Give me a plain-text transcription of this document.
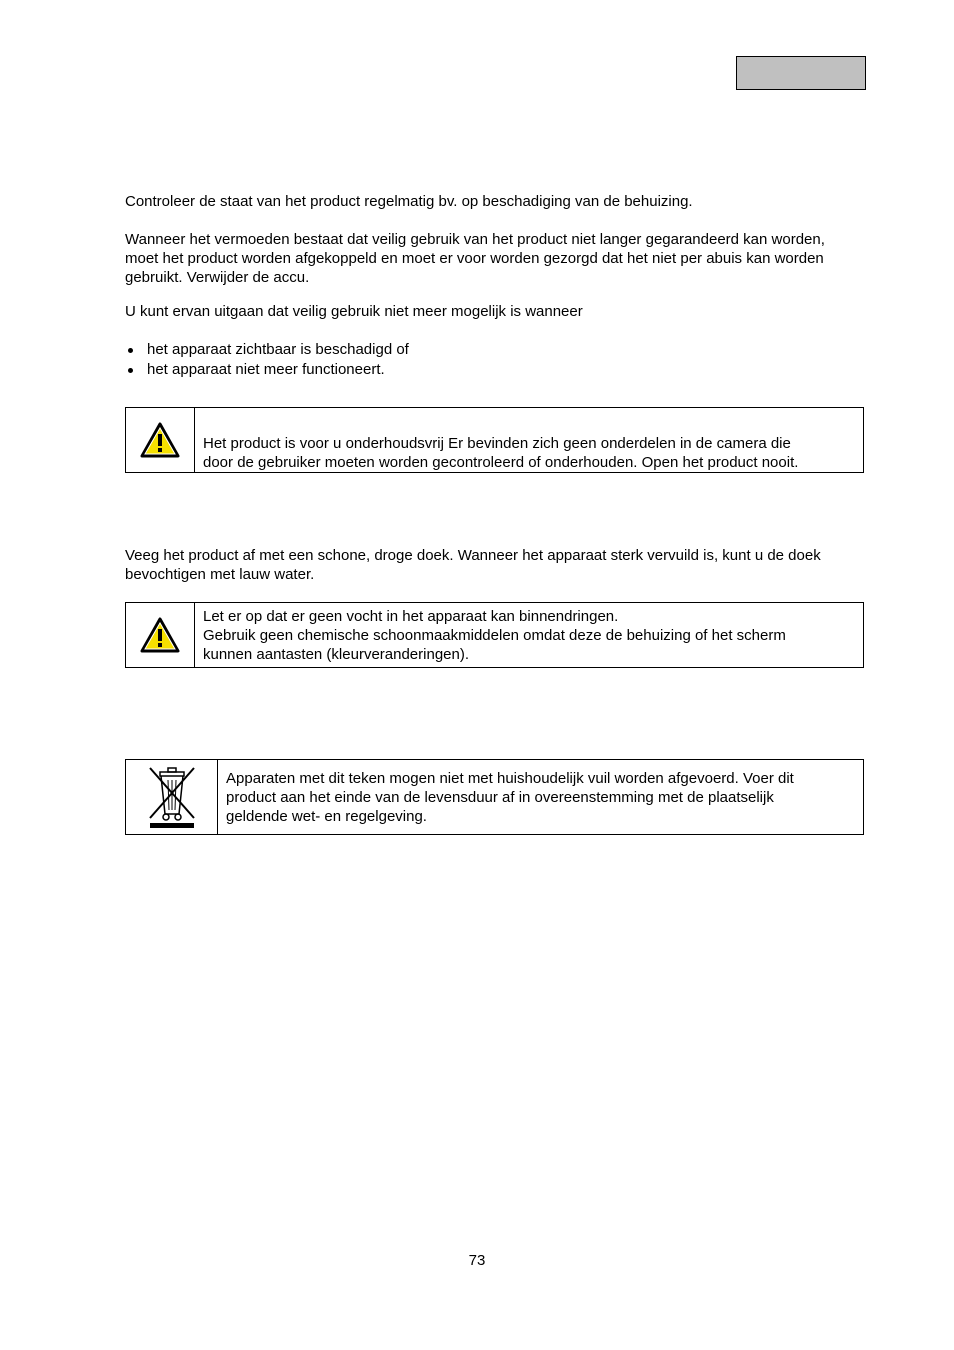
Controleer de staat van het product regelmatig bv. op beschadiging van de behuizing.

Wanneer het vermoeden bestaat dat veilig gebruik van het product niet langer gegarandeerd kan worden,
moet het product worden afgekoppeld en moet er voor worden gezorgd dat het niet per abuis kan worden
gebruikt. Verwijder de accu.

U kunt ervan uitgaan dat veilig gebruik niet meer mogelijk is wanneer

het apparaat zichtbaar is beschadigd of
het apparaat niet meer functioneert.
Het product is voor u onderhoudsvrij Er bevinden zich geen onderdelen in de camera die
door de gebruiker moeten worden gecontroleerd of onderhouden. Open het product nooit.

Veeg het product af met een schone, droge doek. Wanneer het apparaat sterk vervuild is, kunt u de doek
bevochtigen met lauw water.

Let er op dat er geen vocht in het apparaat kan binnendringen.
Gebruik geen chemische schoonmaakmiddelen omdat deze de behuizing of het scherm
kunnen aantasten (kleurveranderingen).
Apparaten met dit teken mogen niet met huishoudelijk vuil worden afgevoerd. Voer dit
product aan het einde van de levensduur af in overeenstemming met de plaatselijk
geldende wet- en regelgeving.
73
